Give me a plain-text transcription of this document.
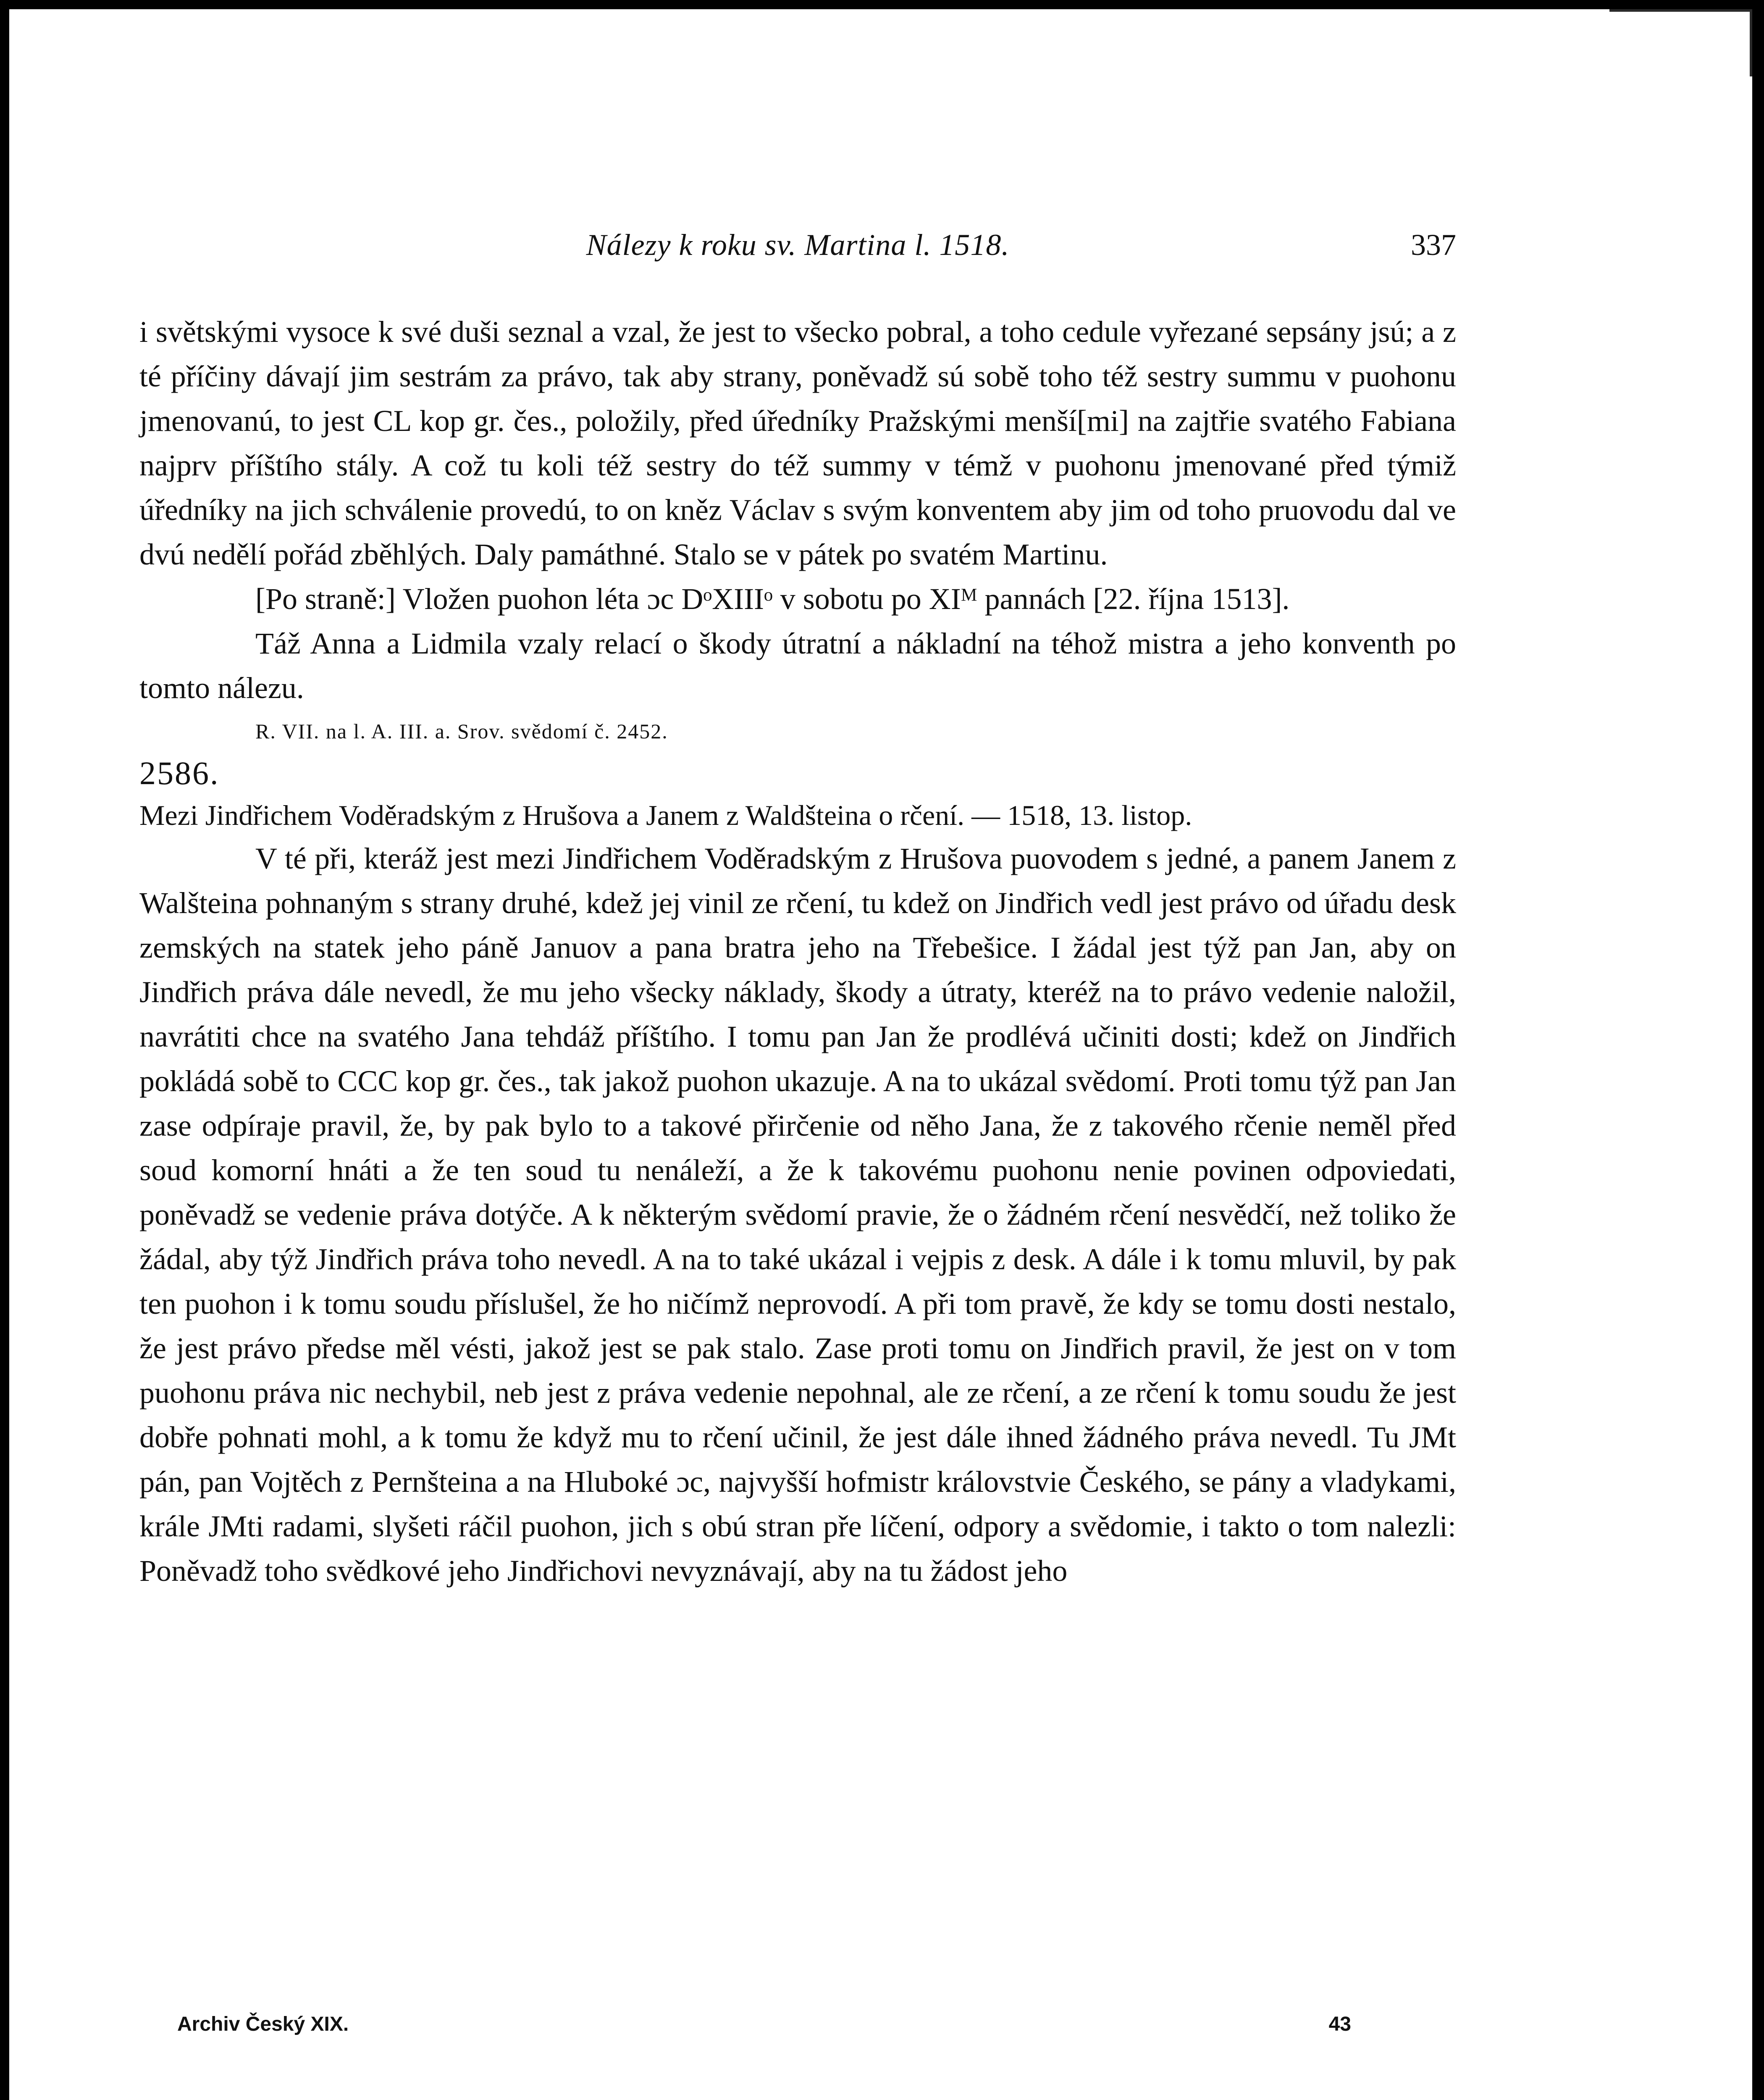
Nálezy k roku sv. Martina l. 1518.	337

i světskými vysoce k své duši seznal a vzal, že jest to všecko pobral, a toho cedule vyřezané sepsány jsú; a z té příčiny dávají jim sestrám za právo, tak aby strany, poněvadž sú sobě toho též sestry summu v puohonu jmenovanú, to jest CL kop gr. čes., položily, před úředníky Pražskými menší[mi] na zajtřie svatého Fabiana najprv příštího stály. A což tu koli též sestry do též summy v témž v puohonu jmenované před týmiž úředníky na jich schválenie provedú, to on kněz Václav s svým konventem aby jim od toho pruovodu dal ve dvú nedělí pořád zběhlých. Daly památhné. Stalo se v pátek po svatém Martinu.

[Po straně:] Vložen puohon léta ɔc DᵒXIIIᵒ v sobotu po XIᴹ pannách [22. října 1513].

Táž Anna a Lidmila vzaly relací o škody útratní a nákladní na téhož mistra a jeho konventh po tomto nálezu.

R. VII. na l. A. III. a. Srov. svědomí č. 2452.

2586.

Mezi Jindřichem Voděradským z Hrušova a Janem z Waldšteina o rčení. — 1518, 13. listop.

V té při, kteráž jest mezi Jindřichem Voděradským z Hrušova puovodem s jedné, a panem Janem z Walšteina pohnaným s strany druhé, kdež jej vinil ze rčení, tu kdež on Jindřich vedl jest právo od úřadu desk zemských na statek jeho páně Januov a pana bratra jeho na Třebešice. I žádal jest týž pan Jan, aby on Jindřich práva dále nevedl, že mu jeho všecky náklady, škody a útraty, kteréž na to právo vedenie naložil, navrátiti chce na svatého Jana tehdáž příštího. I tomu pan Jan že prodlévá učiniti dosti; kdež on Jindřich pokládá sobě to CCC kop gr. čes., tak jakož puohon ukazuje. A na to ukázal svědomí. Proti tomu týž pan Jan zase odpíraje pravil, že, by pak bylo to a takové přirčenie od něho Jana, že z takového rčenie neměl před soud komorní hnáti a že ten soud tu nenáleží, a že k takovému puohonu nenie povinen odpoviedati, poněvadž se vedenie práva dotýče. A k některým svědomí pravie, že o žádném rčení nesvědčí, než toliko že žádal, aby týž Jindřich práva toho nevedl. A na to také ukázal i vejpis z desk. A dále i k tomu mluvil, by pak ten puohon i k tomu soudu příslušel, že ho ničímž neprovodí. A při tom pravě, že kdy se tomu dosti nestalo, že jest právo předse měl vésti, jakož jest se pak stalo. Zase proti tomu on Jindřich pravil, že jest on v tom puohonu práva nic nechybil, neb jest z práva vedenie nepohnal, ale ze rčení, a ze rčení k tomu soudu že jest dobře pohnati mohl, a k tomu že když mu to rčení učinil, že jest dále ihned žádného práva nevedl. Tu JMt pán, pan Vojtěch z Pernšteina a na Hluboké ɔc, najvyšší hofmistr královstvie Českého, se pány a vladykami, krále JMti radami, slyšeti ráčil puohon, jich s obú stran pře líčení, odpory a svědomie, i takto o tom nalezli: Poněvadž toho svědkové jeho Jindřichovi nevyznávají, aby na tu žádost jeho

Archiv Český XIX.	43
